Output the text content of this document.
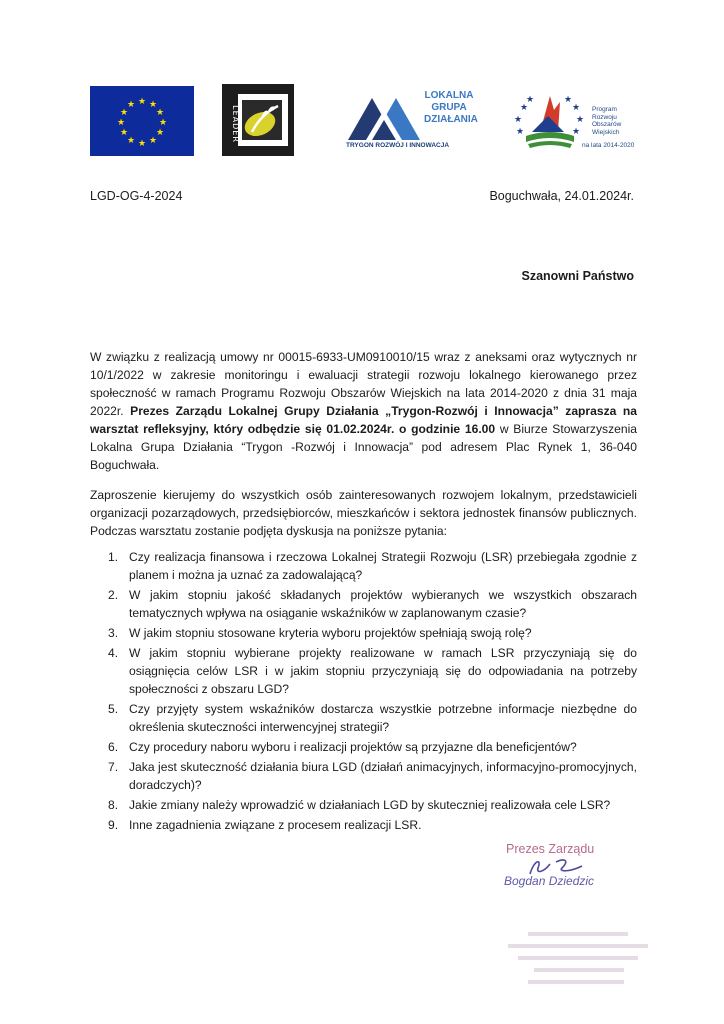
★ ★
★
★
★
★
★
★
★
★
★
★
LEADER
LOKALNA
GRUPA
DZIAŁANIA
TRYGON ROZWÓJ I INNOWACJA
★
★
★
★	★
★
★
★
Program
Rozwoju
Obszarów
Wiejskich
na lata 2014-2020
LGD-OG-4-2024	Boguchwała, 24.01.2024r.
Szanowni Państwo

W związku z realizacją umowy nr 00015-6933-UM0910010/15 wraz z aneksami oraz wytycznych nr 10/1/2022 w zakresie monitoringu i ewaluacji strategii rozwoju lokalnego kierowanego przez społeczność w ramach Programu Rozwoju Obszarów Wiejskich na lata 2014-2020 z dnia 31 maja 2022r. Prezes Zarządu Lokalnej Grupy Działania „Trygon-Rozwój i Innowacja” zaprasza na warsztat refleksyjny, który odbędzie się 01.02.2024r. o godzinie 16.00 w Biurze Stowarzyszenia Lokalna Grupa Działania “Trygon -Rozwój i Innowacja” pod adresem Plac Rynek 1, 36-040 Boguchwała.

Zaproszenie kierujemy do wszystkich osób zainteresowanych rozwojem lokalnym, przedstawicieli organizacji pozarządowych, przedsiębiorców, mieszkańców i sektora jednostek finansów publicznych. Podczas warsztatu zostanie podjęta dyskusja na poniższe pytania:

1. Czy realizacja finansowa i rzeczowa Lokalnej Strategii Rozwoju (LSR) przebiegała zgodnie z planem i można ja uznać za zadowalającą?
2. W jakim stopniu jakość składanych projektów wybieranych we wszystkich obszarach tematycznych wpływa na osiąganie wskaźników w zaplanowanym czasie?
3. W jakim stopniu stosowane kryteria wyboru projektów spełniają swoją rolę?
4. W jakim stopniu wybierane projekty realizowane w ramach LSR przyczyniają się do osiągnięcia celów LSR i w jakim stopniu przyczyniają się do odpowiadania na potrzeby społeczności z obszaru LGD?
5. Czy przyjęty system wskaźników dostarcza wszystkie potrzebne informacje niezbędne do określenia skuteczności interwencyjnej strategii?
6. Czy procedury naboru wyboru i realizacji projektów są przyjazne dla beneficjentów?
7. Jaka jest skuteczność działania biura LGD (działań animacyjnych, informacyjno-promocyjnych, doradczych)?
8. Jakie zmiany należy wprowadzić w działaniach LGD by skuteczniej realizowała cele LSR?
9. Inne zagadnienia związane z procesem realizacji LSR.
Prezes Zarządu
Bogdan Dziedzic
